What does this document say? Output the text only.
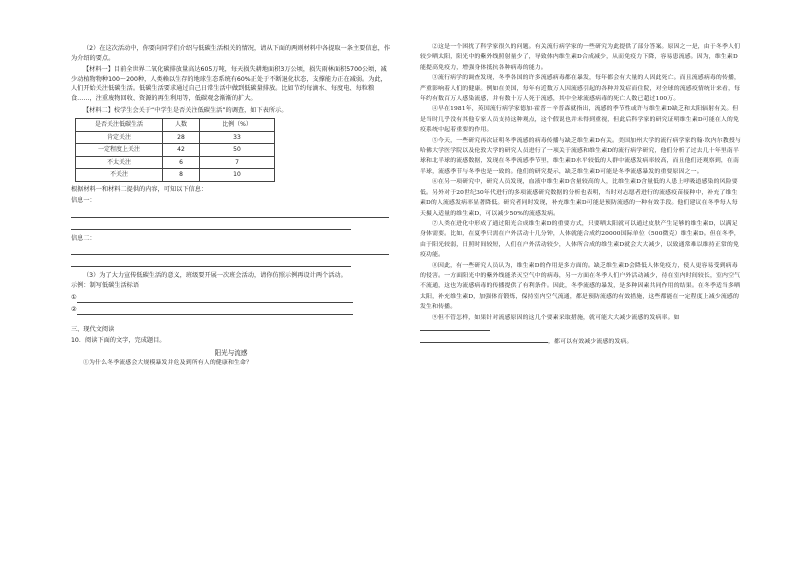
（2）在这次活动中，你要向同学们介绍与低碳生活相关的情况，请从下面的两则材料中各提取一条主要信息，作为介绍的要点。

【材料一】目前全世界二氧化碳排放量高达605万吨，每天损失耕地面积3万公顷，损失雨林面积5700公顷，减少动植物物种100～200种，人类赖以生存的地球生态系统有60%正处于不断退化状态，支撑能力正在减弱。为此，人们开始关注低碳生活。低碳生活要求通过自己日常生活中做到低碳量排放。比如节约每滴水、每度电、每粒粮食……，注重废物回收、资源的再生利用等，低碳观念渐渐的扩大。

【材料二】校学生会关于“中学生是否关注低碳生活”的调查，如下表所示。

是否关注低碳生活	人数	比例（%）
肯定关注	28	33
一定程度上关注	42	50
不太关注	6	7
不关注	8	10

根据材料一和材料二提供的内容，可知以下信息：

信息一：

信息二：

（3）为了大力宣传低碳生活的意义，班级要开展一次班会活动，请你仿照示例再设计两个活动。

示例：制写低碳生活标语

①
②

三、现代文阅读

10．阅读下面的文字，完成题目。

阳光与流感

①为什么冬季流感会大规模暴发并危及到所有人的健康和生命？

②这是一个困扰了科学家很久的问题。有关流行病学家的一些研究为此提供了部分答案。原因之一是，由于冬季人们较少晒太阳，阳光中的紫外线照射量少了，导致体内维生素D合成减少，从而免疫力下降，容易患流感。因为，维生素D能提高免疫力，增强身体抵抗各种病毒的能力。

③流行病学的调查发现，冬季各国的许多流感病毒都在暴发，每年都会有大量的人因此死亡。而且流感病毒的传播，严重影响着人们的健康。例如在美国，每年有近数万人因流感引起的各种并发症而住院，对全球的流感疫情统计来看，每年约有数百万人感染流感，并有数十万人死于流感，其中全球流感病毒的死亡人数已超过100万。

④早在1981年，英国流行病学家德加·霍普－辛普森就指出，流感的季节性或许与维生素D缺乏和太阳辐射有关。但是当时几乎没有其他专家人员支持这种观点，这个假说也并未得到重视，但此后科学家的研究证明维生素D可能在人的免疫系统中起着重要的作用。

⑤今天，一些研究再次证明冬季流感的病毒传播与缺乏维生素D有关。美国加州大学的流行病学家约翰·坎内尔教授与哈佛大学医学院以及伦敦大学的研究人员进行了一项关于流感和维生素D的流行病学研究，他们分析了过去几十年里南半球和北半球的流感数据，发现在冬季流感季节里，维生素D水平较低的人群中流感发病率较高，而且他们还观察到，在南半球，流感季节与冬季也是一致的。他们的研究提示，缺乏维生素D可能是冬季流感暴发的重要原因之一。

⑥在另一项研究中，研究人员发现，血液中维生素D含量较高的人，比维生素D含量低的人患上呼吸道感染的风险要低。另外对于20世纪30年代进行的多项流感研究数据的分析也表明，当时对志愿者进行的流感疫苗接种中，补充了维生素D的人流感发病率显著降低。研究者同时发现，补充维生素D可能是预防流感的一种有效手段。他们建议在冬季每人每天摄入适量的维生素D，可以减少50%的流感发病。

⑦人类在进化中形成了通过阳光合成维生素D的重要方式，只要晒太阳就可以通过皮肤产生足够的维生素D，以满足身体需要。比如，在夏季只需在户外活动十几分钟，人体就能合成约20000国际单位（500微克）维生素D。但在冬季，由于阳光较弱，日照时间较短，人们在户外活动较少，人体所合成的维生素D就会大大减少，以致通常难以维持正常的免疫功能。

⑧因此，有一些研究人员认为，维生素D的作用是多方面的。缺乏维生素D会降低人体免疫力，使人更容易受到病毒的侵害。一方面阳光中的紫外线能杀灭空气中的病毒，另一方面在冬季人们户外活动减少，待在室内时间较长，室内空气不流通，这也为流感病毒的传播提供了有利条件。因此，冬季流感的暴发，是多种因素共同作用的结果。在冬季适当多晒太阳，补充维生素D，加强体育锻炼，保持室内空气流通，都是预防流感的有效措施，这些都能在一定程度上减少流感的发生和传播。

⑨但不管怎样，如果针对流感原因的这几个要素采取措施，就可能大大减少流感的发病率。如
，都可以有效减少流感的发病。
